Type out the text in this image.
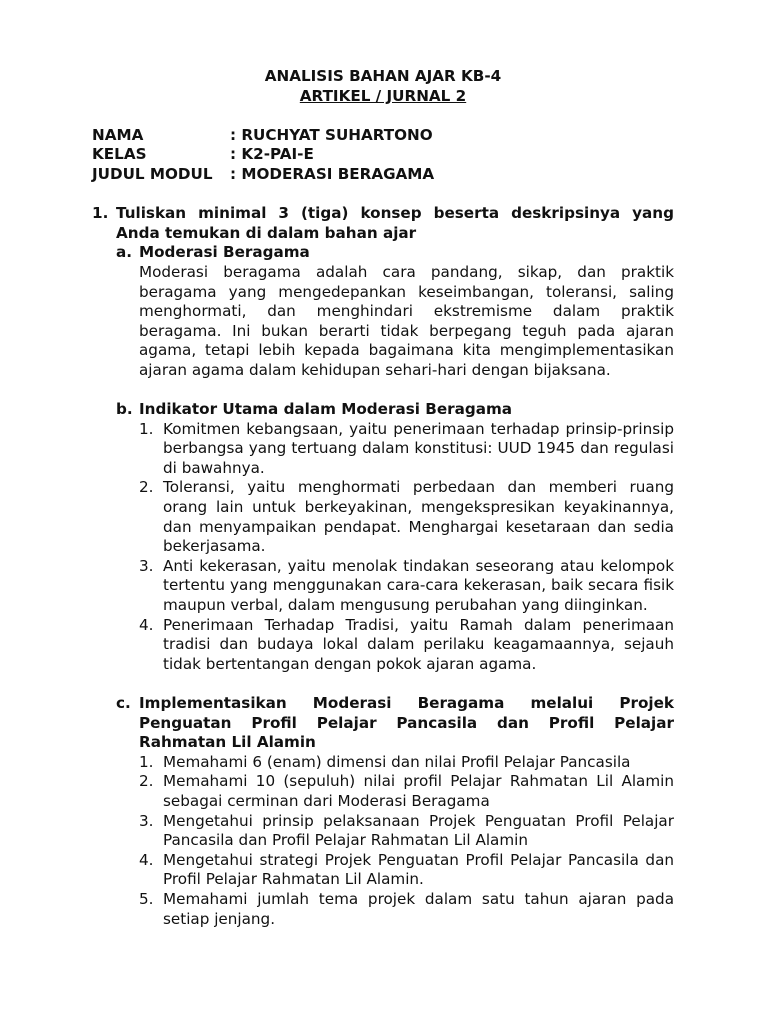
ANALISIS BAHAN AJAR KB-4

ARTIKEL / JURNAL 2

NAMA	: RUCHYAT SUHARTONO
KELAS	: K2-PAI-E
JUDUL MODUL	: MODERASI BERAGAMA
1. Tuliskan minimal 3 (tiga) konsep beserta deskripsinya yang Anda temukan di dalam bahan ajar

a. Moderasi Beragama

Moderasi beragama adalah cara pandang, sikap, dan praktik beragama yang mengedepankan keseimbangan, toleransi, saling menghormati, dan menghindari ekstremisme dalam praktik beragama. Ini bukan berarti tidak berpegang teguh pada ajaran agama, tetapi lebih kepada bagaimana kita mengimplementasikan ajaran agama dalam kehidupan sehari-hari dengan bijaksana.

b. Indikator Utama dalam Moderasi Beragama

1. Komitmen kebangsaan, yaitu penerimaan terhadap prinsip-prinsip berbangsa yang tertuang dalam konstitusi: UUD 1945 dan regulasi di bawahnya.
2. Toleransi, yaitu menghormati perbedaan dan memberi ruang orang lain untuk berkeyakinan, mengekspresikan keyakinannya, dan menyampaikan pendapat. Menghargai kesetaraan dan sedia bekerjasama.
3. Anti kekerasan, yaitu menolak tindakan seseorang atau kelompok tertentu yang menggunakan cara-cara kekerasan, baik secara fisik maupun verbal, dalam mengusung perubahan yang diinginkan.
4. Penerimaan Terhadap Tradisi, yaitu Ramah dalam penerimaan tradisi dan budaya lokal dalam perilaku keagamaannya, sejauh tidak bertentangan dengan pokok ajaran agama.
c. Implementasikan Moderasi Beragama melalui Projek Penguatan Profil Pelajar Pancasila dan Profil Pelajar Rahmatan Lil Alamin

1. Memahami 6 (enam) dimensi dan nilai Profil Pelajar Pancasila
2. Memahami 10 (sepuluh) nilai profil Pelajar Rahmatan Lil Alamin sebagai cerminan dari Moderasi Beragama
3. Mengetahui prinsip pelaksanaan Projek Penguatan Profil Pelajar Pancasila dan Profil Pelajar Rahmatan Lil Alamin
4. Mengetahui strategi Projek Penguatan Profil Pelajar Pancasila dan Profil Pelajar Rahmatan Lil Alamin.
5. Memahami jumlah tema projek dalam satu tahun ajaran pada setiap jenjang.
